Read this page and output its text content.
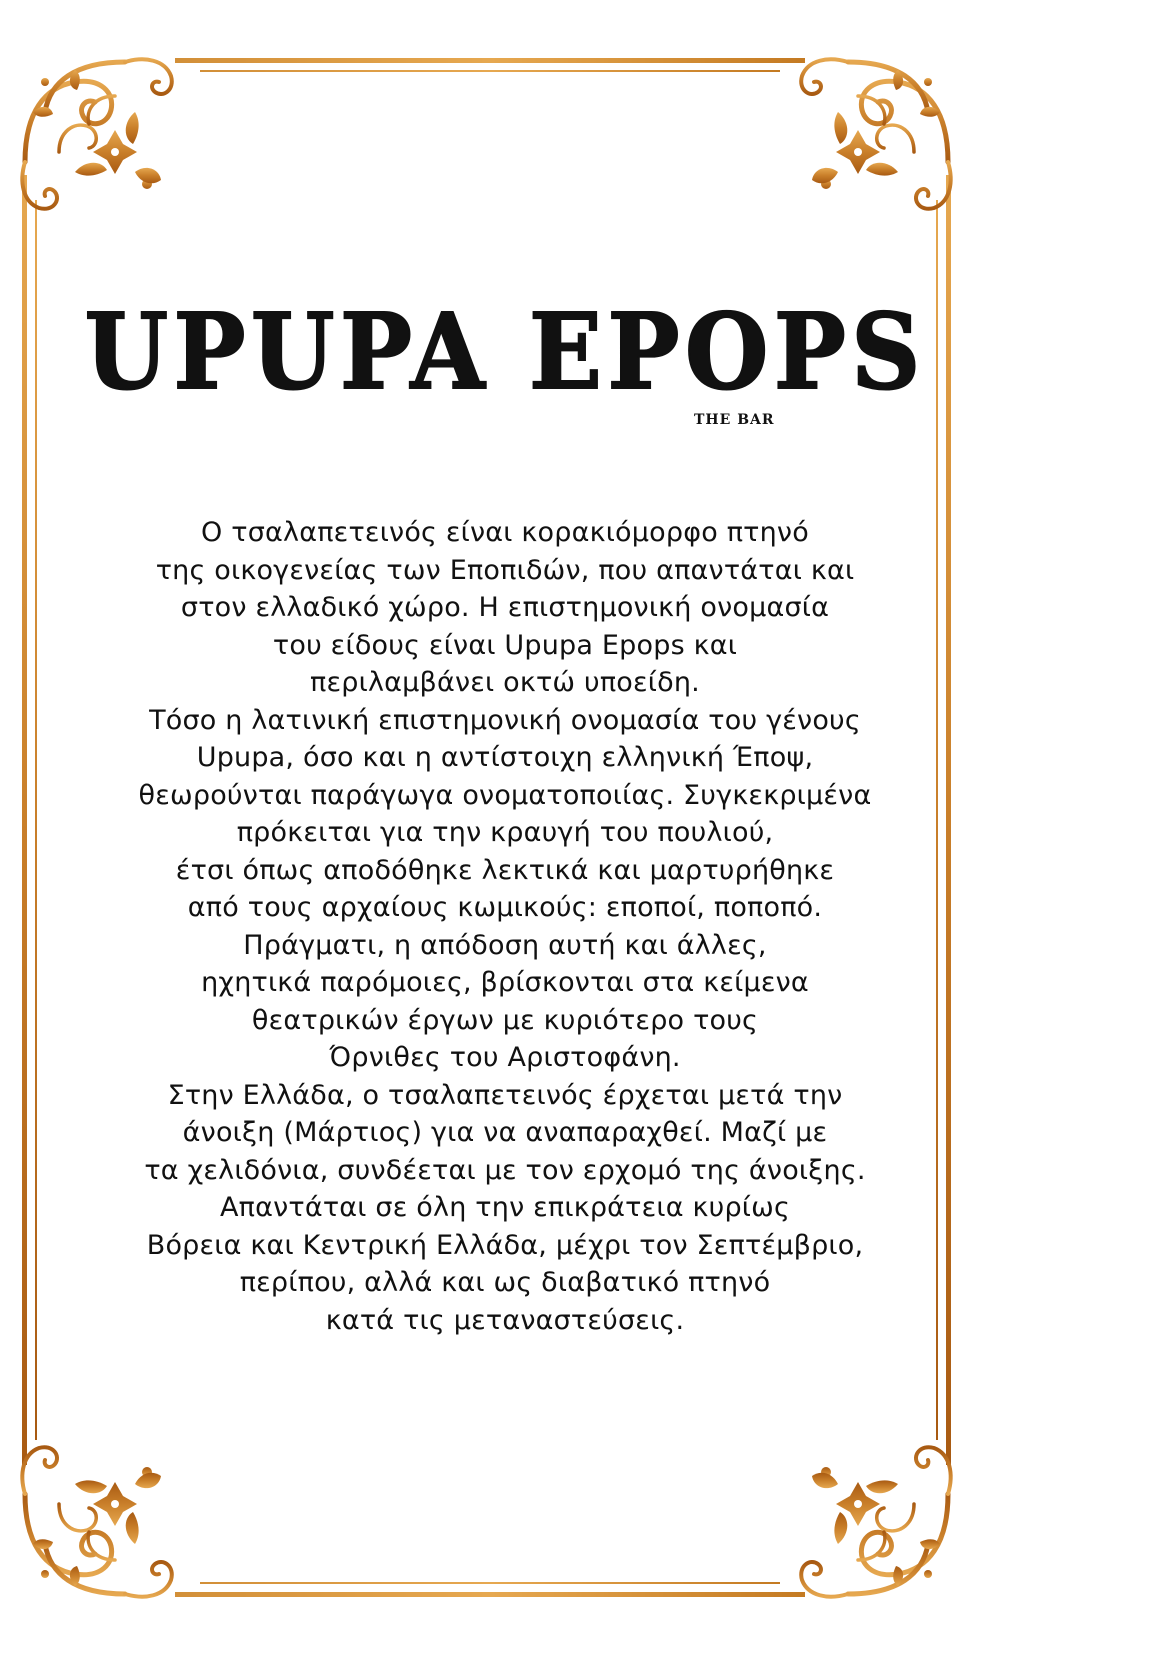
UPUPA EPOPS
THE BAR
Ο τσαλαπετεινός είναι κορακιόμορφο πτηνό
της οικογενείας των Εποπιδών, που απαντάται και
στον ελλαδικό χώρο. Η επιστημονική ονομασία
του είδους είναι Upupa Epops και
περιλαμβάνει οκτώ υποείδη.
Τόσο η λατινική επιστημονική ονομασία του γένους
Upupa, όσο και η αντίστοιχη ελληνική Έποψ,
θεωρούνται παράγωγα ονοματοποιίας. Συγκεκριμένα
πρόκειται για την κραυγή του πουλιού,
έτσι όπως αποδόθηκε λεκτικά και μαρτυρήθηκε
από τους αρχαίους κωμικούς: εποποί, ποποπό.
Πράγματι, η απόδοση αυτή και άλλες,
ηχητικά παρόμοιες, βρίσκονται στα κείμενα
θεατρικών έργων με κυριότερο τους
Όρνιθες του Αριστοφάνη.
Στην Ελλάδα, ο τσαλαπετεινός έρχεται μετά την
άνοιξη (Μάρτιος) για να αναπαραχθεί. Μαζί με
τα χελιδόνια, συνδέεται με τον ερχομό της άνοιξης.
Απαντάται σε όλη την επικράτεια κυρίως
Βόρεια και Κεντρική Ελλάδα, μέχρι τον Σεπτέμβριο,
περίπου, αλλά και ως διαβατικό πτηνό
κατά τις μεταναστεύσεις.
